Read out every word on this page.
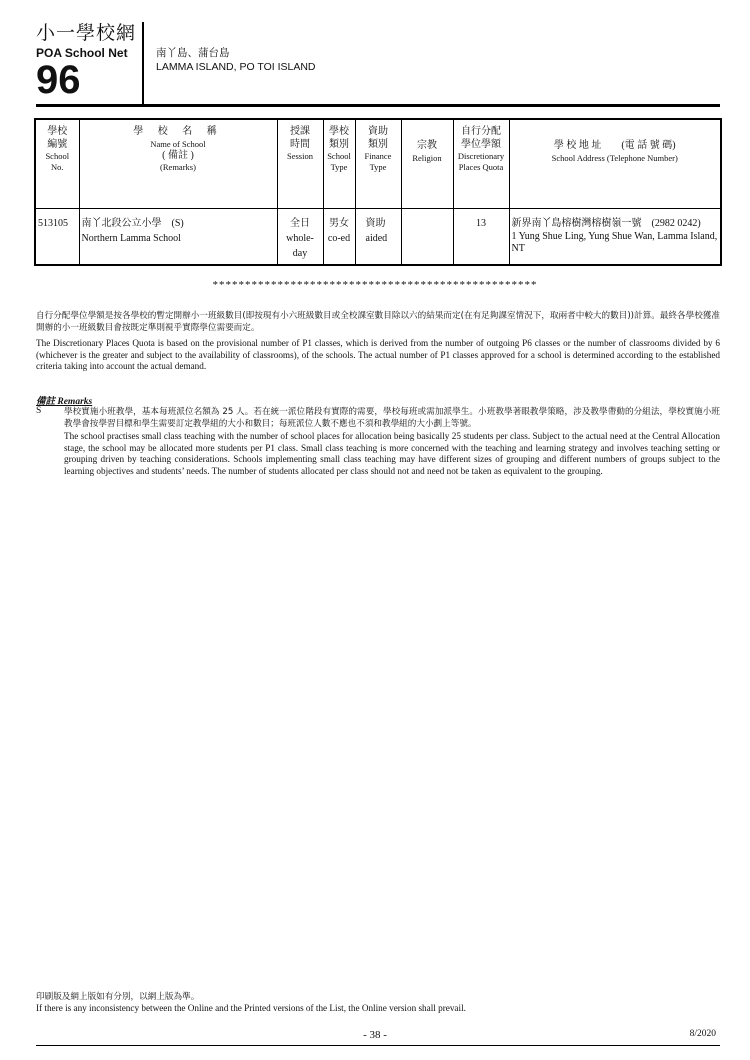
小一學校網
POA School Net
96
南丫島、蒲台島
LAMMA ISLAND, PO TOI ISLAND
學校
編號
School
No.	學 校 名 稱
Name of School
( 備註 )
(Remarks)	授課
時間
Session	學校
類別
School
Type	資助
類別
Finance
Type	宗教
Religion	自行分配
學位學額
Discretionary
Places Quota	學 校 地 址　　(電 話 號 碼)
School Address (Telephone Number)

513105	南丫北段公立小學　(S)
Northern Lamma School	全日
whole-day	男女
co-ed	資助
aided		13	新界南丫島榕樹灣榕樹嶺一號　(2982 0242)
1 Yung Shue Ling, Yung Shue Wan, Lamma Island, NT
**************************************************
自行分配學位學額是按各學校的暫定開辦小一班級數目(即按現有小六班級數目或全校課室數目除以六的結果而定(在有足夠課室情況下，取兩者中較大的數目))計算。最終各學校獲准開辦的小一班級數目會按既定準則視乎實際學位需要而定。
The Discretionary Places Quota is based on the provisional number of P1 classes, which is derived from the number of outgoing P6 classes or the number of classrooms divided by 6 (whichever is the greater and subject to the availability of classrooms), of the schools. The actual number of P1 classes approved for a school is determined according to the established criteria taking into account the actual demand.
備註 Remarks
S	學校實施小班教學，基本每班派位名額為 25 人。若在統一派位階段有實際的需要，學校每班或需加派學生。小班教學著眼教學策略，涉及教學帶動的分組法，學校實施小班教學會按學習目標和學生需要訂定教學組的大小和數目；每班派位人數不應也不須和教學組的大小劃上等號。
The school practises small class teaching with the number of school places for allocation being basically 25 students per class. Subject to the actual need at the Central Allocation stage, the school may be allocated more students per P1 class. Small class teaching is more concerned with the teaching and learning strategy and involves teaching setting or grouping driven by teaching considerations. Schools implementing small class teaching may have different sizes of grouping and different numbers of groups subject to the learning objectives and students’ needs. The number of students allocated per class should not and need not be taken as equivalent to the grouping.
印刷版及網上版如有分別，以網上版為準。
If there is any inconsistency between the Online and the Printed versions of the List, the Online version shall prevail.
- 38 -	8/2020
